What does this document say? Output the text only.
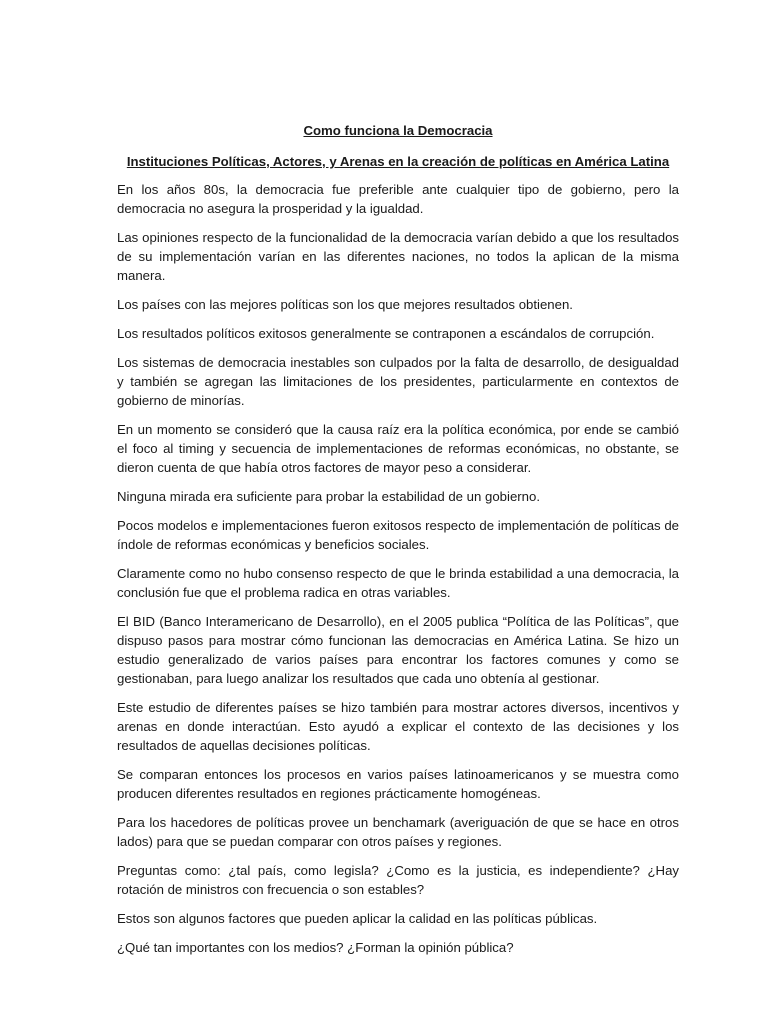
Como funciona la Democracia
Instituciones Políticas, Actores, y Arenas en la creación de políticas en América Latina

En los años 80s, la democracia fue preferible ante cualquier tipo de gobierno, pero la democracia no asegura la prosperidad y la igualdad.

Las opiniones respecto de la funcionalidad de la democracia varían debido a que los resultados de su implementación varían en las diferentes naciones, no todos la aplican de la misma manera.

Los países con las mejores políticas son los que mejores resultados obtienen.

Los resultados políticos exitosos generalmente se contraponen a escándalos de corrupción.

Los sistemas de democracia inestables son culpados por la falta de desarrollo, de desigualdad y también se agregan las limitaciones de los presidentes, particularmente en contextos de gobierno de minorías.

En un momento se consideró que la causa raíz era la política económica, por ende se cambió el foco al timing y secuencia de implementaciones de reformas económicas, no obstante, se dieron cuenta de que había otros factores de mayor peso a considerar.

Ninguna mirada era suficiente para probar la estabilidad de un gobierno.

Pocos modelos e implementaciones fueron exitosos respecto de implementación de políticas de índole de reformas económicas y beneficios sociales.

Claramente como no hubo consenso respecto de que le brinda estabilidad a una democracia, la conclusión fue que el problema radica en otras variables.

El BID (Banco Interamericano de Desarrollo), en el 2005 publica “Política de las Políticas”, que dispuso pasos para mostrar cómo funcionan las democracias en América Latina. Se hizo un estudio generalizado de varios países para encontrar los factores comunes y como se gestionaban, para luego analizar los resultados que cada uno obtenía al gestionar.

Este estudio de diferentes países se hizo también para mostrar actores diversos, incentivos y arenas en donde interactúan. Esto ayudó a explicar el contexto de las decisiones y los resultados de aquellas decisiones políticas.

Se comparan entonces los procesos en varios países latinoamericanos y se muestra como producen diferentes resultados en regiones prácticamente homogéneas.

Para los hacedores de políticas provee un benchamark (averiguación de que se hace en otros lados) para que se puedan comparar con otros países y regiones.

Preguntas como: ¿tal país, como legisla? ¿Como es la justicia, es independiente? ¿Hay rotación de ministros con frecuencia o son estables?

Estos son algunos factores que pueden aplicar la calidad en las políticas públicas.

¿Qué tan importantes con los medios? ¿Forman la opinión pública?
